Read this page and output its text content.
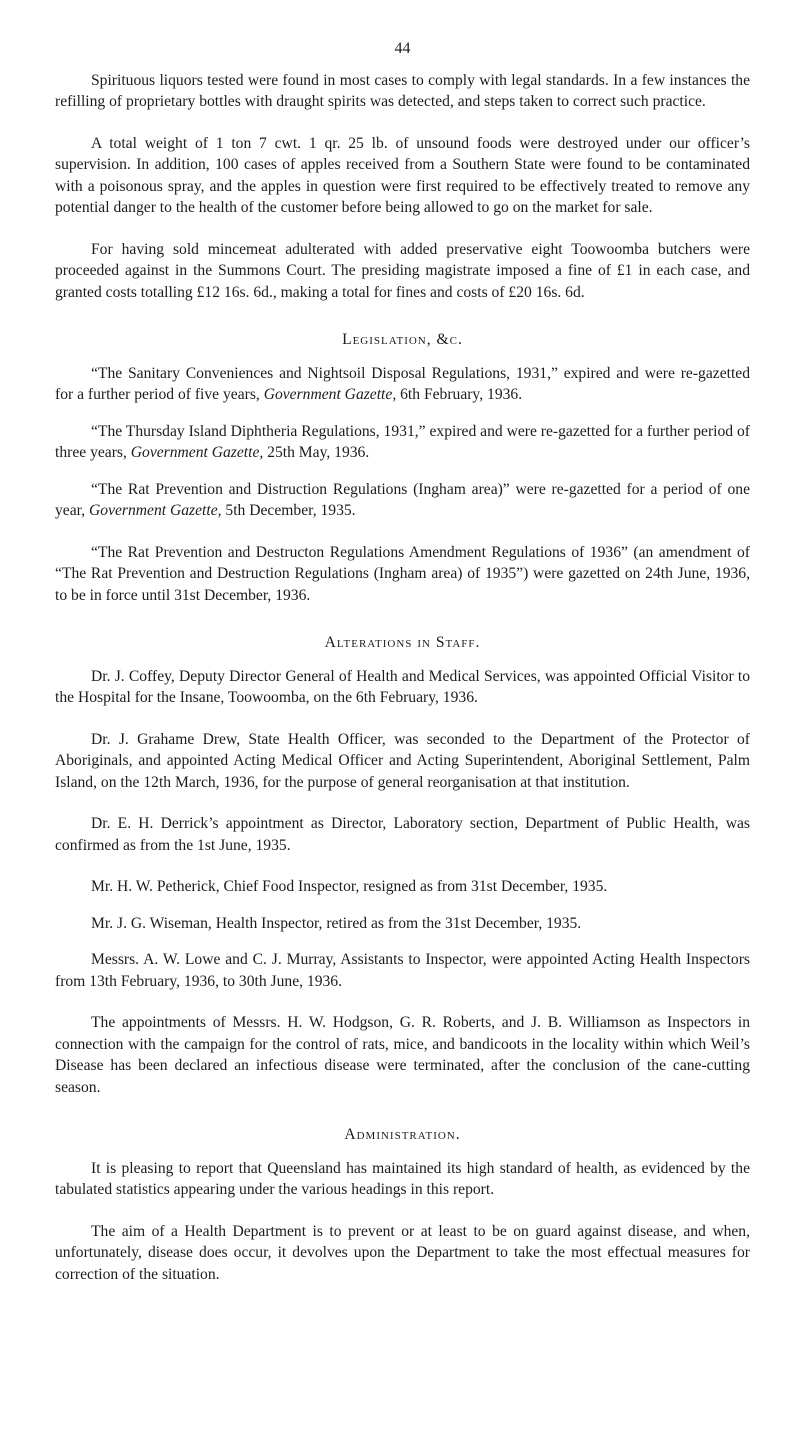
44

Spirituous liquors tested were found in most cases to comply with legal standards. In a few instances the refilling of proprietary bottles with draught spirits was detected, and steps taken to correct such practice.

A total weight of 1 ton 7 cwt. 1 qr. 25 lb. of unsound foods were destroyed under our officer’s supervision. In addition, 100 cases of apples received from a Southern State were found to be contaminated with a poisonous spray, and the apples in question were first required to be effectively treated to remove any potential danger to the health of the customer before being allowed to go on the market for sale.

For having sold mincemeat adulterated with added preservative eight Toowoomba butchers were proceeded against in the Summons Court. The presiding magistrate imposed a fine of £1 in each case, and granted costs totalling £12 16s. 6d., making a total for fines and costs of £20 16s. 6d.

Legislation, &c.

“The Sanitary Conveniences and Nightsoil Disposal Regulations, 1931,” expired and were re-gazetted for a further period of five years, Government Gazette, 6th February, 1936.

“The Thursday Island Diphtheria Regulations, 1931,” expired and were re-gazetted for a further period of three years, Government Gazette, 25th May, 1936.

“The Rat Prevention and Distruction Regulations (Ingham area)” were re-gazetted for a period of one year, Government Gazette, 5th December, 1935.

“The Rat Prevention and Destructon Regulations Amendment Regulations of 1936” (an amendment of “The Rat Prevention and Destruction Regulations (Ingham area) of 1935”) were gazetted on 24th June, 1936, to be in force until 31st December, 1936.

Alterations in Staff.

Dr. J. Coffey, Deputy Director General of Health and Medical Services, was appointed Official Visitor to the Hospital for the Insane, Toowoomba, on the 6th February, 1936.

Dr. J. Grahame Drew, State Health Officer, was seconded to the Department of the Protector of Aboriginals, and appointed Acting Medical Officer and Acting Superintendent, Aboriginal Settlement, Palm Island, on the 12th March, 1936, for the purpose of general reorganisation at that institution.

Dr. E. H. Derrick’s appointment as Director, Laboratory section, Department of Public Health, was confirmed as from the 1st June, 1935.

Mr. H. W. Petherick, Chief Food Inspector, resigned as from 31st December, 1935.

Mr. J. G. Wiseman, Health Inspector, retired as from the 31st December, 1935.

Messrs. A. W. Lowe and C. J. Murray, Assistants to Inspector, were appointed Acting Health Inspectors from 13th February, 1936, to 30th June, 1936.

The appointments of Messrs. H. W. Hodgson, G. R. Roberts, and J. B. Williamson as Inspectors in connection with the campaign for the control of rats, mice, and bandicoots in the locality within which Weil’s Disease has been declared an infectious disease were terminated, after the conclusion of the cane-cutting season.

Administration.

It is pleasing to report that Queensland has maintained its high standard of health, as evidenced by the tabulated statistics appearing under the various headings in this report.

The aim of a Health Department is to prevent or at least to be on guard against disease, and when, unfortunately, disease does occur, it devolves upon the Department to take the most effectual measures for correction of the situation.
